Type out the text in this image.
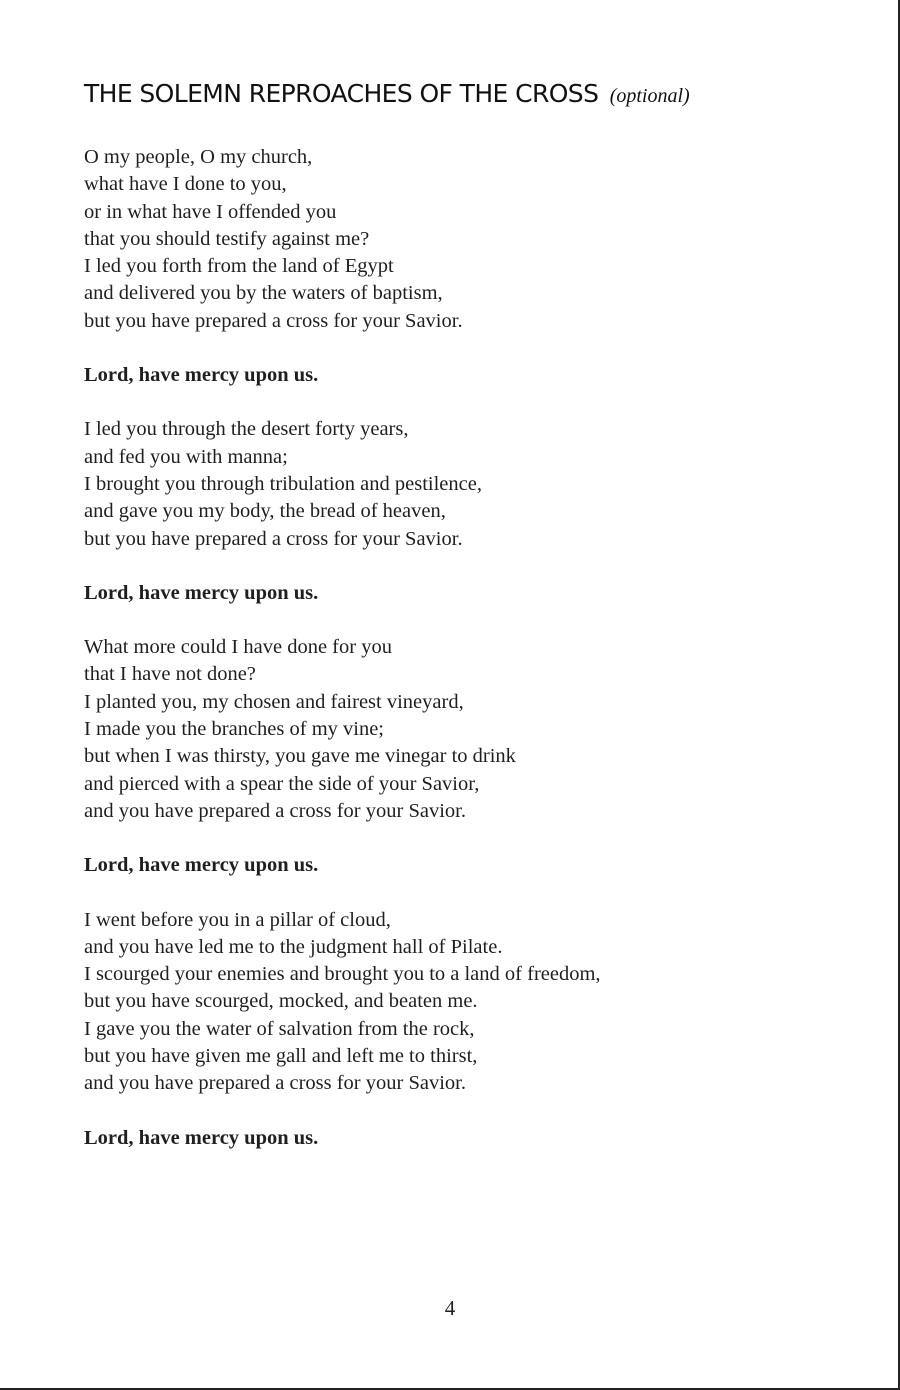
THE SOLEMN REPROACHES OF THE CROSS (optional)
O my people, O my church,
what have I done to you,
or in what have I offended you
that you should testify against me?
I led you forth from the land of Egypt
and delivered you by the waters of baptism,
but you have prepared a cross for your Savior.
Lord, have mercy upon us.
I led you through the desert forty years,
and fed you with manna;
I brought you through tribulation and pestilence,
and gave you my body, the bread of heaven,
but you have prepared a cross for your Savior.
Lord, have mercy upon us.
What more could I have done for you
that I have not done?
I planted you, my chosen and fairest vineyard,
I made you the branches of my vine;
but when I was thirsty, you gave me vinegar to drink
and pierced with a spear the side of your Savior,
and you have prepared a cross for your Savior.
Lord, have mercy upon us.
I went before you in a pillar of cloud,
and you have led me to the judgment hall of Pilate.
I scourged your enemies and brought you to a land of freedom,
but you have scourged, mocked, and beaten me.
I gave you the water of salvation from the rock,
but you have given me gall and left me to thirst,
and you have prepared a cross for your Savior.
Lord, have mercy upon us.
4
